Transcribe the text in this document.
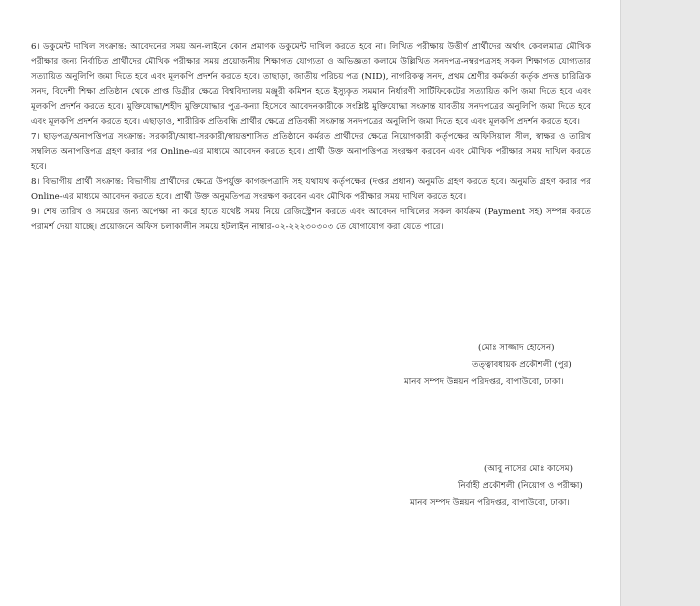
6। ডকুমেন্ট দাখিল সংক্রান্ত: আবেদনের সময় অন-লাইনে কোন প্রমাণক ডকুমেন্ট দাখিল করতে হবে না। লিখিত পরীক্ষায় উত্তীর্ণ প্রার্থীদের অর্থাৎ কেবলমাত্র মৌখিক পরীক্ষার জন্য নির্বাচিত প্রার্থীদের মৌখিক পরীক্ষার সময় প্রয়োজনীয় শিক্ষাগত যোগ্যতা ও অভিজ্ঞতা কলামে উল্লিখিত সনদপত্র-নম্বরপত্রসহ সকল শিক্ষাগত যোগ্যতার সত্যায়িত অনুলিপি জমা দিতে হবে এবং মূলকপি প্রদর্শন করতে হবে। তাছাড়া, জাতীয় পরিচয় পত্র (NID), নাগরিকত্ব সনদ, প্রথম শ্রেণীর কর্মকর্তা কর্তৃক প্রদত্ত চারিত্রিক সনদ, বিদেশী শিক্ষা প্রতিষ্ঠান থেকে প্রাপ্ত ডিগ্রীর ক্ষেত্রে বিশ্ববিদ্যালয় মঞ্জুরী কমিশন হতে ইস্যুকৃত সমমান নির্ধারণী সার্টিফিকেটের সত্যায়িত কপি জমা দিতে হবে এবং মূলকপি প্রদর্শন করতে হবে। মুক্তিযোদ্ধা/শহীদ মুক্তিযোদ্ধার পুত্র-কন্যা হিসেবে আবেদনকারীকে সংশ্লিষ্ট মুক্তিযোদ্ধা সংক্রান্ত যাবতীয় সনদপত্রের অনুলিপি জমা দিতে হবে এবং মূলকপি প্রদর্শন করতে হবে। এছাড়াও, শারীরিক প্রতিবন্ধি প্রার্থীর ক্ষেত্রে প্রতিবন্ধী সংক্রান্ত সনদপত্রের অনুলিপি জমা দিতে হবে এবং মূলকপি প্রদর্শন করতে হবে।

7। ছাড়পত্র/অনাপত্তিপত্র সংক্রান্ত: সরকারী/আধা-সরকারী/স্বায়ত্তশাসিত প্রতিষ্ঠানে কর্মরত প্রার্থীদের ক্ষেত্রে নিয়োগকারী কর্তৃপক্ষের অফিসিয়াল সীল, স্বাক্ষর ও তারিখ সম্বলিত অনাপত্তিপত্র গ্রহণ করার পর Online-এর মাধ্যমে আবেদন করতে হবে। প্রার্থী উক্ত অনাপত্তিপত্র সংরক্ষণ করবেন এবং মৌখিক পরীক্ষার সময় দাখিল করতে হবে।

8। বিভাগীয় প্রার্থী সংক্রান্ত: বিভাগীয় প্রার্থীদের ক্ষেত্রে উপর্যুক্ত কাগজপত্রাদি সহ যথাযথ কর্তৃপক্ষের (দপ্তর প্রধান) অনুমতি গ্রহণ করতে হবে। অনুমতি গ্রহণ করার পর Online-এর মাধ্যমে আবেদন করতে হবে। প্রার্থী উক্ত অনুমতিপত্র সংরক্ষণ করবেন এবং মৌখিক পরীক্ষার সময় দাখিল করতে হবে।

9। শেষ তারিখ ও সময়ের জন্য অপেক্ষা না করে হাতে যথেষ্ট সময় নিয়ে রেজিস্ট্রেশন করতে এবং আবেদন দাখিলের সকল কার্যক্রম (Payment সহ) সম্পন্ন করতে পরামর্শ দেয়া যাচ্ছে। প্রয়োজনে অফিস চলাকালীন সময়ে হটলাইন নাম্বার-০২-২২২৩০৩০৩ তে যোগাযোগ করা যেতে পারে।

(মোঃ সাজ্জাদ হোসেন)
তত্ত্বাবধায়ক প্রকৌশলী (পুর)
মানব সম্পদ উন্নয়ন পরিদপ্তর, বাপাউবো, ঢাকা।
(আবু নাসের মোঃ কাসেম)
নির্বাহী প্রকৌশলী (নিয়োগ ও পরীক্ষা)
মানব সম্পদ উন্নয়ন পরিদপ্তর, বাপাউবো, ঢাকা।
